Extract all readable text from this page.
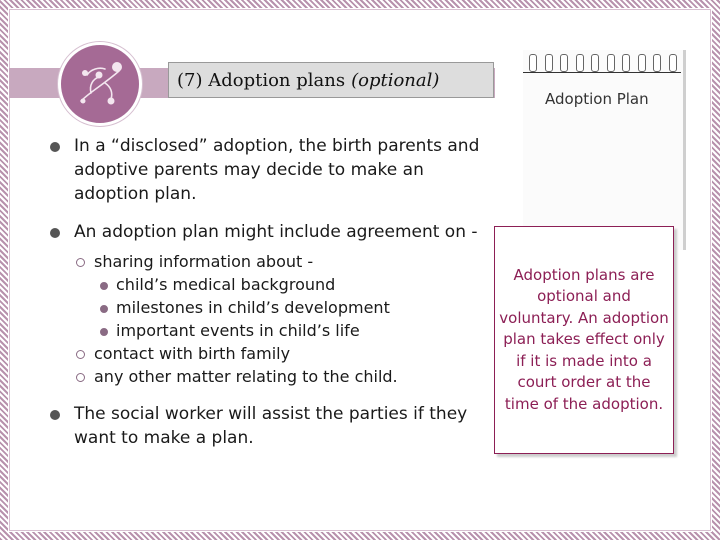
(7) Adoption plans (optional)
In a “disclosed” adoption, the birth parents and adoptive parents may decide to make an adoption plan.
An adoption plan might include agreement on -
sharing information about -
child’s medical background
milestones in child’s development
important events in child’s life
contact with birth family
any other matter relating to the child.
The social worker will assist the parties if they want to make a plan.
Adoption Plan
Adoption plans are optional and voluntary. An adoption plan takes effect only if it is made into a court order at the time of the adoption.
